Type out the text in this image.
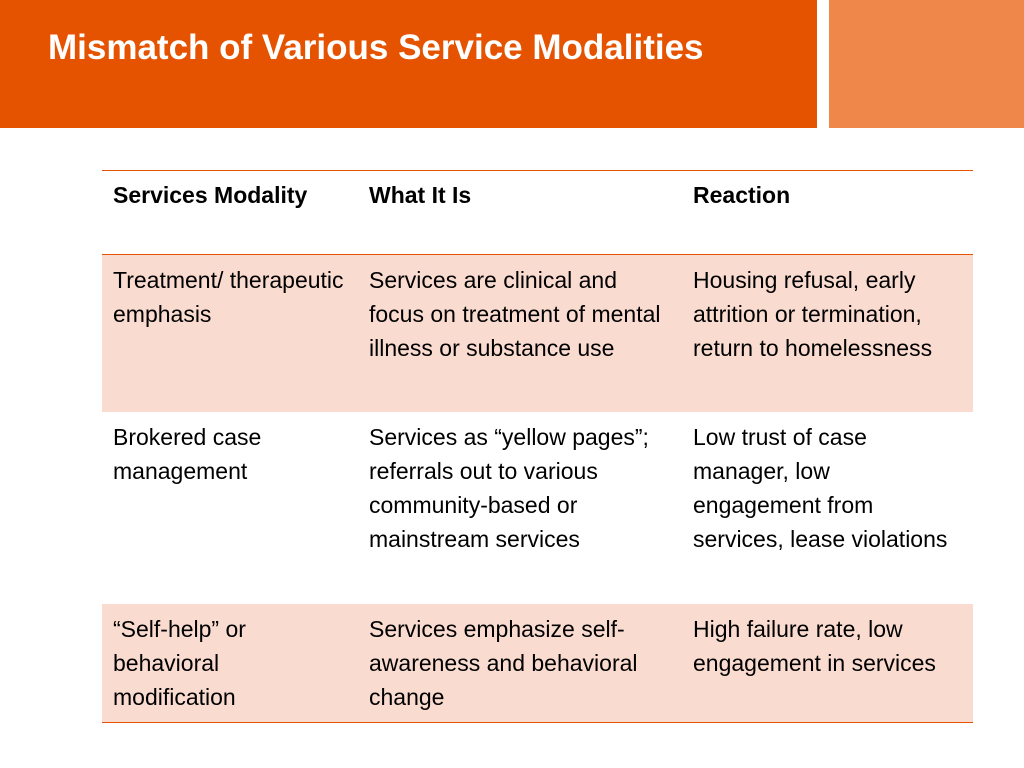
Mismatch of Various Service Modalities
Services Modality	What It Is	Reaction
Treatment/ therapeutic emphasis	Services are clinical and focus on treatment of mental illness or substance use	Housing refusal, early attrition or termination, return to homelessness
Brokered case management	Services as “yellow pages”; referrals out to various community-based or mainstream services	Low trust of case manager, low engagement from services, lease violations
“Self-help” or behavioral modification	Services emphasize self-awareness and behavioral change	High failure rate, low engagement in services
